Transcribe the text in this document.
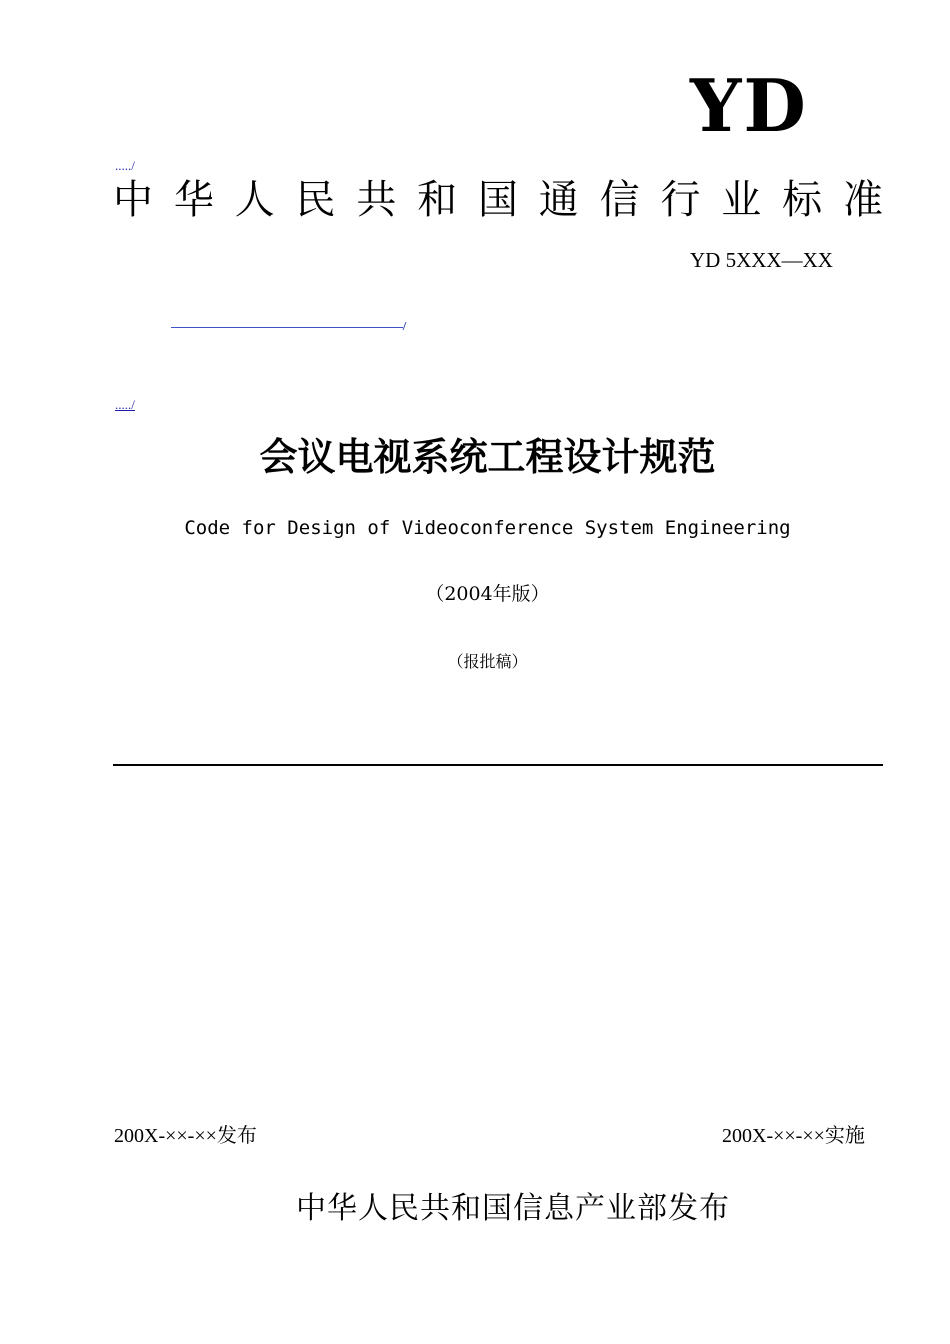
YD
...../
中 华 人 民 共 和 国 通 信 行 业 标 准
YD 5XXX—XX
...../
会议电视系统工程设计规范
Code for Design of Videoconference System Engineering
（2004年版）
（报批稿）
200X-××-××发布	200X-××-××实施
中华人民共和国信息产业部发布
